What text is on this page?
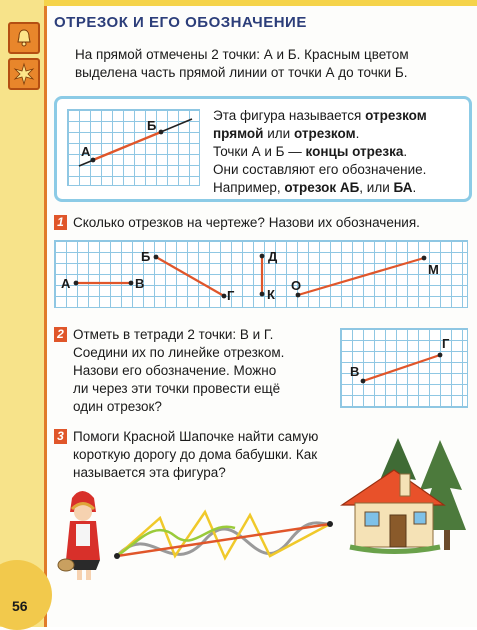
ОТРЕЗОК И ЕГО ОБОЗНАЧЕНИЕ
На прямой отмечены 2 точки: А и Б. Красным цветом
выделена часть прямой линии от точки А до точки Б.
А
Б
Эта фигура называется отрезком
прямой или отрезком.
Точки А и Б — концы отрезка.
Они составляют его обозначение.
Например, отрезок АБ, или БА.
1 Сколько отрезков на чертеже? Назови их обозначения.
А	В
Б
Г
Д
К
О
М
2 Отметь в тетради 2 точки: В и Г.
Соедини их по линейке отрезком.
Назови его обозначение. Можно
ли через эти точки провести ещё
один отрезок?
В
Г
3 Помоги Красной Шапочке найти самую
короткую дорогу до дома бабушки. Как
называется эта фигура?
56
